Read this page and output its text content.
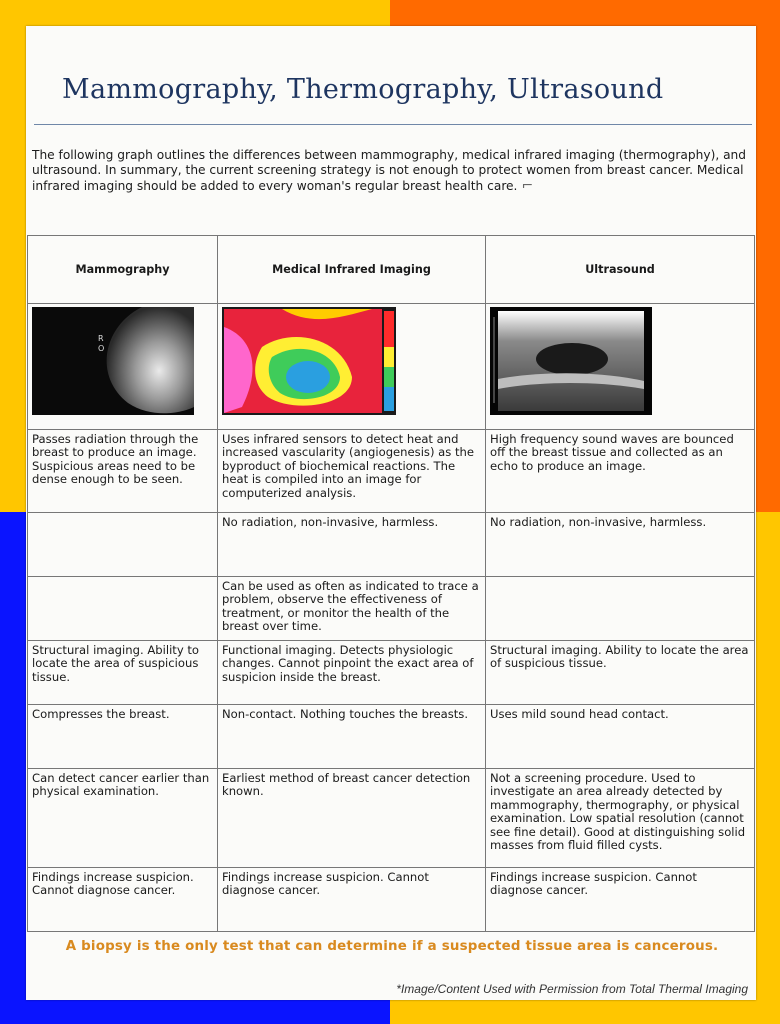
Mammography, Thermography, Ultrasound
The following graph outlines the differences between mammography, medical infrared imaging (thermography), and ultrasound. In summary, the current screening strategy is not enough to protect women from breast cancer. Medical infrared imaging should be added to every woman's regular breast health care. ⌐
Mammography	Medical Infrared Imaging	Ultrasound

R
O

Passes radiation through the breast to produce an image. Suspicious areas need to be dense enough to be seen.	Uses infrared sensors to detect heat and increased vascularity (angiogenesis) as the byproduct of biochemical reactions. The heat is compiled into an image for computerized analysis.	High frequency sound waves are bounced off the breast tissue and collected as an echo to produce an image.
	No radiation, non-invasive, harmless.	No radiation, non-invasive, harmless.
	Can be used as often as indicated to trace a problem, observe the effectiveness of treatment, or monitor the health of the breast over time.	
Structural imaging. Ability to locate the area of suspicious tissue.	Functional imaging. Detects physiologic changes. Cannot pinpoint the exact area of suspicion inside the breast.	Structural imaging. Ability to locate the area of suspicious tissue.
Compresses the breast.	Non-contact. Nothing touches the breasts.	Uses mild sound head contact.
Can detect cancer earlier than physical examination.	Earliest method of breast cancer detection known.	Not a screening procedure. Used to investigate an area already detected by mammography, thermography, or physical examination. Low spatial resolution (cannot see fine detail). Good at distinguishing solid masses from fluid filled cysts.
Findings increase suspicion. Cannot diagnose cancer.	Findings increase suspicion. Cannot diagnose cancer.	Findings increase suspicion. Cannot diagnose cancer.
A biopsy is the only test that can determine if a suspected tissue area is cancerous.
*Image/Content Used with Permission from Total Thermal Imaging
